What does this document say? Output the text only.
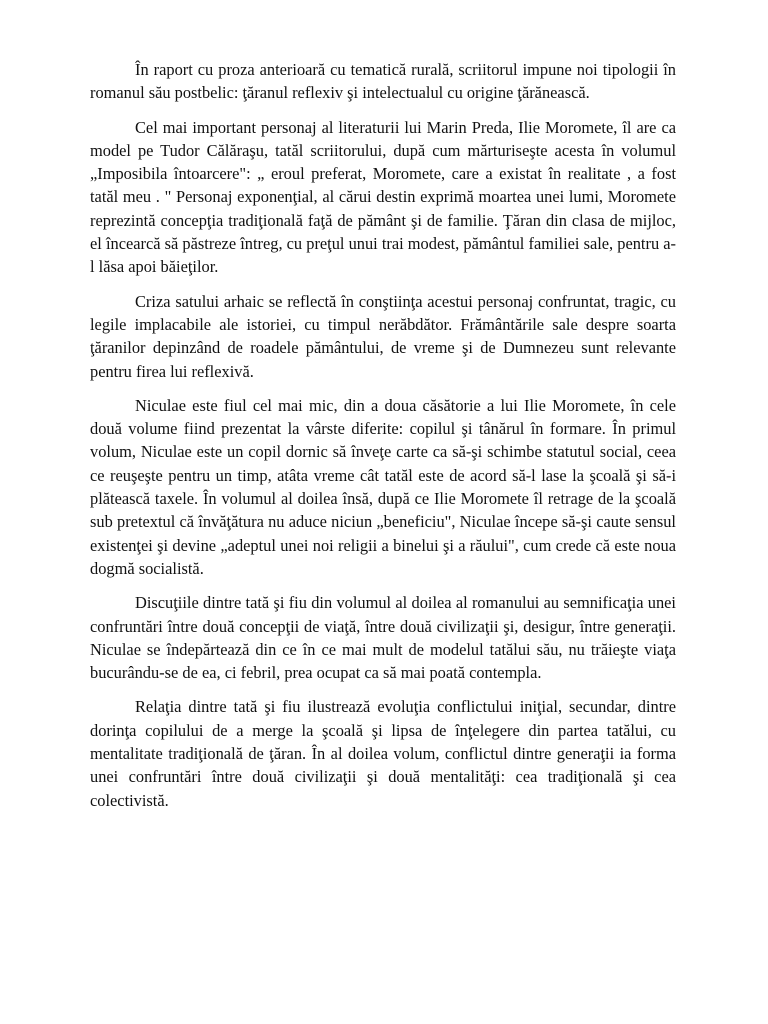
În raport cu proza anterioară cu tematică rurală, scriitorul impune noi tipologii în romanul său postbelic: ţăranul reflexiv şi intelectualul cu origine ţărănească.

Cel mai important personaj al literaturii lui Marin Preda, Ilie Moromete, îl are ca model pe Tudor Călăraşu, tatăl scriitorului, după cum mărturiseşte acesta în volumul „Imposibila întoarcere": „ eroul preferat, Moromete, care a existat în realitate , a fost tatăl meu . " Personaj exponenţial, al cărui destin exprimă moartea unei lumi, Moromete reprezintă concepţia tradiţională faţă de pământ şi de familie. Ţăran din clasa de mijloc, el încearcă să păstreze întreg, cu preţul unui trai modest, pământul familiei sale, pentru a-l lăsa apoi băieţilor.

Criza satului arhaic se reflectă în conştiinţa acestui personaj confruntat, tragic, cu legile implacabile ale istoriei, cu timpul nerăbdător. Frământările sale despre soarta ţăranilor depinzând de roadele pământului, de vreme şi de Dumnezeu sunt relevante pentru firea lui reflexivă.

Niculae este fiul cel mai mic, din a doua căsătorie a lui Ilie Moromete, în cele două volume fiind prezentat la vârste diferite: copilul şi tânărul în formare. În primul volum, Niculae este un copil dornic să înveţe carte ca să-şi schimbe statutul social, ceea ce reuşeşte pentru un timp, atâta vreme cât tatăl este de acord să-l lase la şcoală şi să-i plătească taxele. În volumul al doilea însă, după ce Ilie Moromete îl retrage de la şcoală sub pretextul că învăţătura nu aduce niciun „beneficiu", Niculae începe să-şi caute sensul existenţei şi devine „adeptul unei noi religii a binelui şi a răului", cum crede că este noua dogmă socialistă.

Discuţiile dintre tată şi fiu din volumul al doilea al romanului au semnificaţia unei confruntări între două concepţii de viaţă, între două civilizaţii şi, desigur, între generaţii. Niculae se îndepărtează din ce în ce mai mult de modelul tatălui său, nu trăieşte viaţa bucurându-se de ea, ci febril, prea ocupat ca să mai poată contempla.

Relaţia dintre tată şi fiu ilustrează evoluţia conflictului iniţial, secundar, dintre dorinţa copilului de a merge la şcoală şi lipsa de înţelegere din partea tatălui, cu mentalitate tradiţională de ţăran. În al doilea volum, conflictul dintre generaţii ia forma unei confruntări între două civilizaţii şi două mentalităţi: cea tradiţională şi cea colectivistă.
